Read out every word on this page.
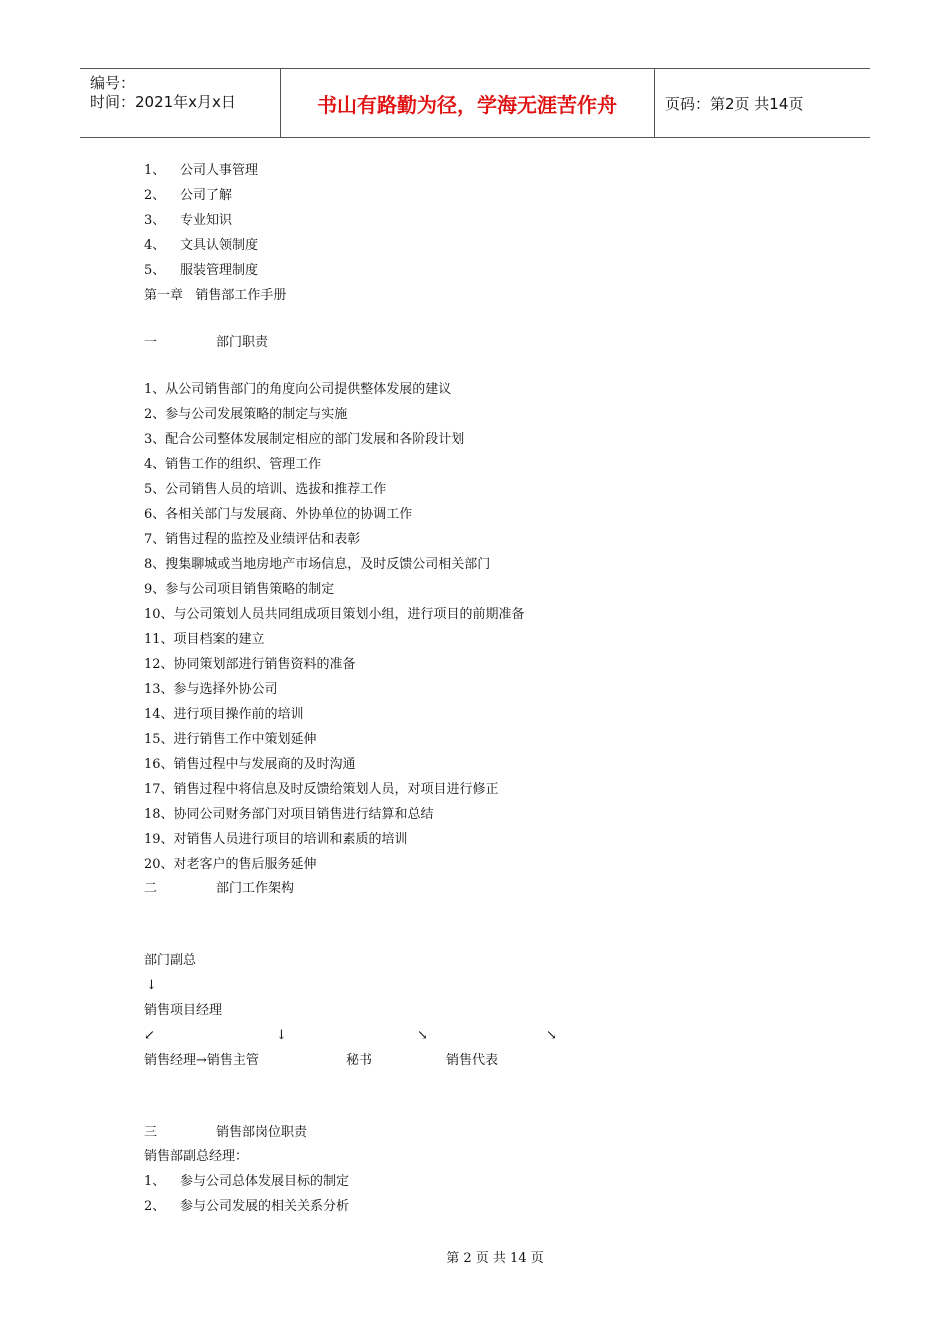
编号：
时间：2021年x月x日	书山有路勤为径，学海无涯苦作舟	页码：第2页 共14页
1、 公司人事管理
2、 公司了解
3、 专业知识
4、 文具认领制度
5、 服装管理制度
第一章   销售部工作手册
一	部门职责
1、从公司销售部门的角度向公司提供整体发展的建议
2、参与公司发展策略的制定与实施
3、配合公司整体发展制定相应的部门发展和各阶段计划
4、销售工作的组织、管理工作
5、公司销售人员的培训、选拔和推荐工作
6、各相关部门与发展商、外协单位的协调工作
7、销售过程的监控及业绩评估和表彰
8、搜集聊城或当地房地产市场信息，及时反馈公司相关部门
9、参与公司项目销售策略的制定
10、与公司策划人员共同组成项目策划小组，进行项目的前期准备
11、项目档案的建立
12、协同策划部进行销售资料的准备
13、参与选择外协公司
14、进行项目操作前的培训
15、进行销售工作中策划延伸
16、销售过程中与发展商的及时沟通
17、销售过程中将信息及时反馈给策划人员，对项目进行修正
18、协同公司财务部门对项目销售进行结算和总结
19、对销售人员进行项目的培训和素质的培训
20、对老客户的售后服务延伸
二	部门工作架构
部门副总
↓
销售项目经理
↙	↓	↘	↘
销售经理→销售主管	秘书	销售代表
三	销售部岗位职责
销售部副总经理：
1、 参与公司总体发展目标的制定
2、 参与公司发展的相关关系分析
第 2 页 共 14 页
